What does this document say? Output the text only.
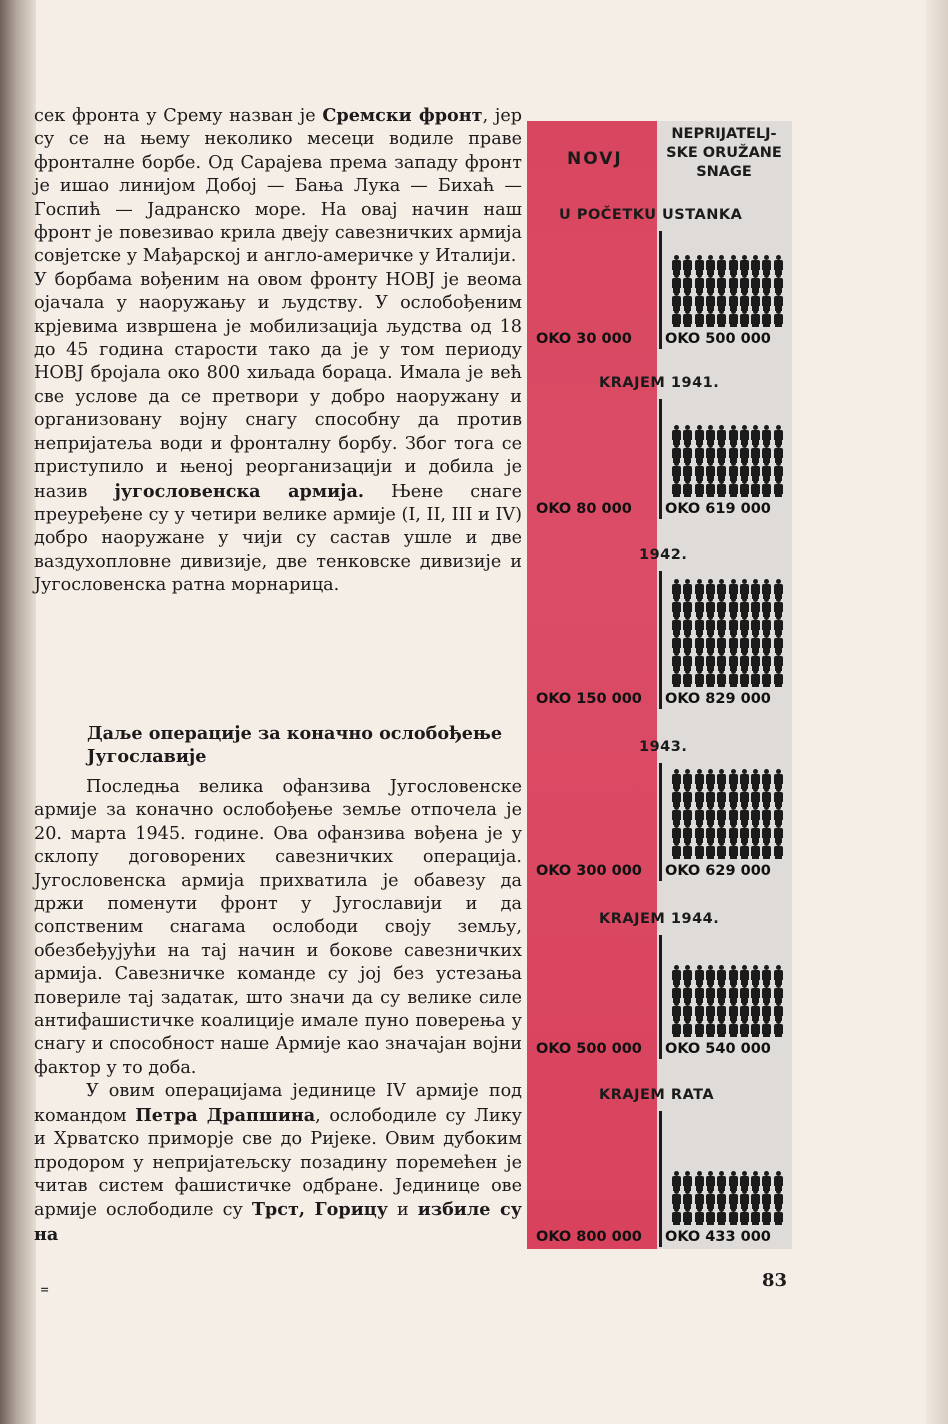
сек фронта у Срему назван је Сремски фронт, јер су се на њему неколико месеци водиле праве фронталне борбе. Од Сарајева према западу фронт је ишао линијом Добој — Бања Лука — Бихаћ — Госпић — Јадранско море. На овај начин наш фронт је повезивао крила двеју савезничких армија совјетске у Мађарској и англо-америчке у Италији.

У борбама вођеним на овом фронту НОВЈ је веома ојачала у наоружању и људству. У ослобођеним крјевима извршена је мобилизација људства од 18 до 45 година старости тако да је у том периоду НОВЈ бројала око 800 хиљада бораца. Имала је већ све услове да се претвори у добро наоружану и организовану војну снагу способну да против непријатеља води и фронталну борбу. Због тога се приступило и њеној реорганизацији и добила је назив југословенска армија. Њене снаге преуређене су у четири велике армије (I, II, III и IV) добро наоружане у чији су састав ушле и две ваздухопловне дивизије, две тенковске дивизије и Југословенска ратна морнарица.

Даље операције за коначно ослобођење Југославије

Последња велика офанзива Југословенске армије за коначно ослобођење земље отпочела је 20. марта 1945. године. Ова офанзива вођена је у склопу договорених савезничких операција. Југословенска армија прихватила је обавезу да држи поменути фронт у Југославији и да сопственим снагама ослободи своју земљу, обезбеђујући на тај начин и бокове савезничких армија. Савезничке команде су јој без устезања повериле тај задатак, што значи да су велике силе антифашистичке коалиције имале пуно поверења у снагу и способност наше Армије као значајан војни фактор у то доба.

У овим операцијама јединице IV армије под командом Петра Драпшина, ослободиле су Лику и Хрватско приморје све до Ријеке. Овим дубоким продором у непријатељску позадину поремећен је читав систем фашистичке одбране. Јединице ове армије ослободиле су Трст, Горицу и избиле су на

NOVJ
NEPRIJATELJ-SKE ORUŽANE SNAGE
U POČETKU USTANKA
OKO 30 000 OKO 500 000
KRAJEM 1941.
OKO 80 000 OKO 619 000
1942.
OKO 150 000 OKO 829 000
1943.
OKO 300 000 OKO 629 000
KRAJEM 1944.
OKO 500 000 OKO 540 000
KRAJEM RATA
OKO 800 000 OKO 433 000
83
=
